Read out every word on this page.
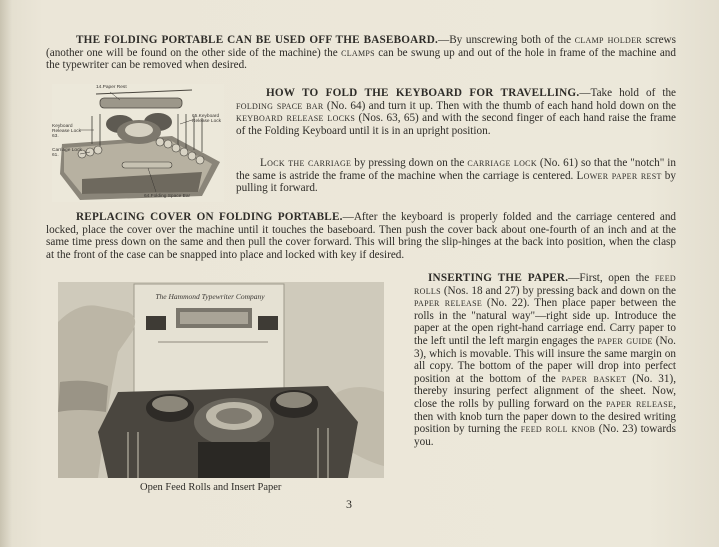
THE FOLDING PORTABLE CAN BE USED OFF THE BASEBOARD.—By unscrewing both of the clamp holder screws (another one will be found on the other side of the machine) the clamps can be swung up and out of the hole in frame of the machine and the typewriter can be removed when desired.
14.Paper Rest
Keyboard Release Lock 63.
Carriage Lock 61.
65.Keyboard Release Lock
64.Folding Space Bar
HOW TO FOLD THE KEYBOARD FOR TRAVELLING.—Take hold of the folding space bar (No. 64) and turn it up. Then with the thumb of each hand hold down on the keyboard release locks (Nos. 63, 65) and with the second finger of each hand raise the frame of the Folding Keyboard until it is in an upright position.
Lock the carriage by pressing down on the carriage lock (No. 61) so that the "notch" in the same is astride the frame of the machine when the carriage is centered. Lower paper rest by pulling it forward.
REPLACING COVER ON FOLDING PORTABLE.—After the keyboard is properly folded and the carriage centered and locked, place the cover over the machine until it touches the baseboard. Then push the cover back about one-fourth of an inch and at the same time press down on the same and then pull the cover forward. This will bring the slip-hinges at the back into position, when the clasp at the front of the case can be snapped into place and locked with key if desired.
The Hammond Typewriter Company
Open Feed Rolls and Insert Paper
INSERTING THE PAPER.—First, open the feed rolls (Nos. 18 and 27) by pressing back and down on the paper release (No. 22). Then place paper between the rolls in the "natural way"—right side up. Introduce the paper at the open right-hand carriage end. Carry paper to the left until the left margin engages the paper guide (No. 3), which is movable. This will insure the same margin on all copy. The bottom of the paper will drop into perfect position at the bottom of the paper basket (No. 31), thereby insuring perfect alignment of the sheet. Now, close the rolls by pulling forward on the paper release, then with knob turn the paper down to the desired writing position by turning the feed roll knob (No. 23) towards you.
3
